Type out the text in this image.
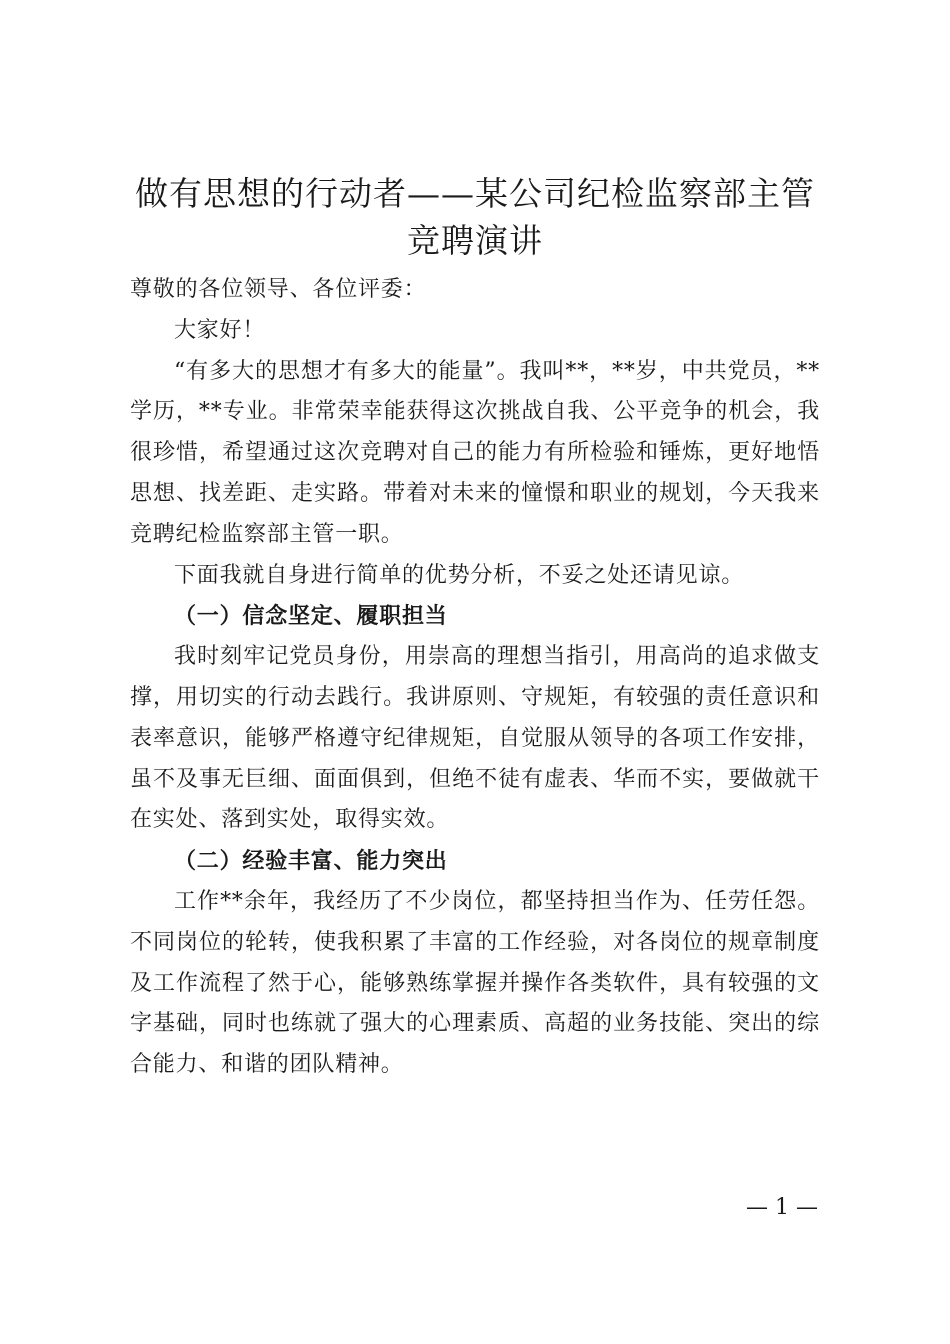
做有思想的行动者——某公司纪检监察部主管
竞聘演讲

尊敬的各位领导、各位评委：

大家好！

“有多大的思想才有多大的能量”。我叫**，**岁，中共党员，**学历，**专业。非常荣幸能获得这次挑战自我、公平竞争的机会，我很珍惜，希望通过这次竞聘对自己的能力有所检验和锤炼，更好地悟思想、找差距、走实路。带着对未来的憧憬和职业的规划，今天我来竞聘纪检监察部主管一职。

下面我就自身进行简单的优势分析，不妥之处还请见谅。

（一）信念坚定、履职担当

我时刻牢记党员身份，用崇高的理想当指引，用高尚的追求做支撑，用切实的行动去践行。我讲原则、守规矩，有较强的责任意识和表率意识，能够严格遵守纪律规矩，自觉服从领导的各项工作安排，虽不及事无巨细、面面俱到，但绝不徒有虚表、华而不实，要做就干在实处、落到实处，取得实效。

（二）经验丰富、能力突出

工作**余年，我经历了不少岗位，都坚持担当作为、任劳任怨。不同岗位的轮转，使我积累了丰富的工作经验，对各岗位的规章制度及工作流程了然于心，能够熟练掌握并操作各类软件，具有较强的文字基础，同时也练就了强大的心理素质、高超的业务技能、突出的综合能力、和谐的团队精神。

— 1 —
